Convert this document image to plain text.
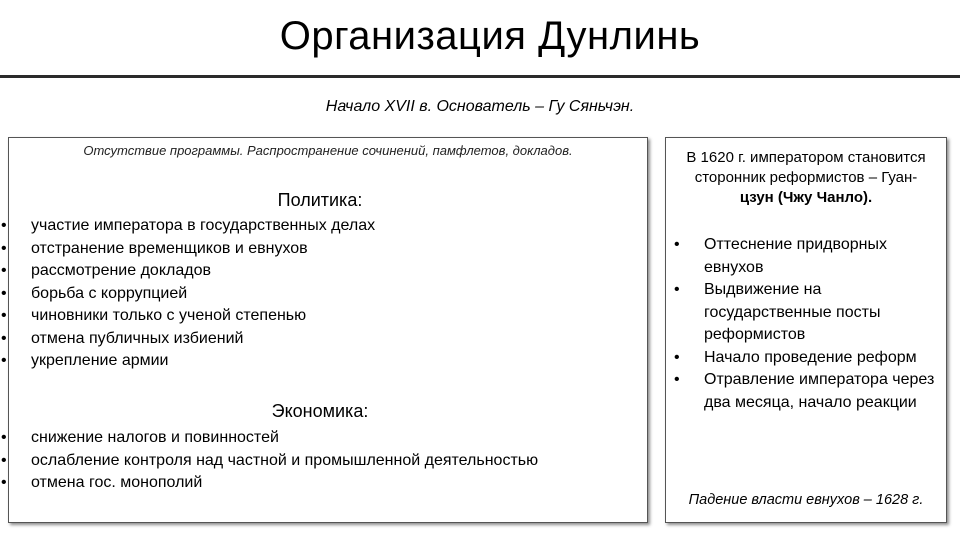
Организация Дунлинь
Начало XVII в. Основатель – Гу Сяньчэн.
Отсутствие программы. Распространение сочинений, памфлетов, докладов.
Политика:
• участие императора в государственных делах
• отстранение временщиков и евнухов
• рассмотрение докладов
• борьба с коррупцией
• чиновники только с ученой степенью
• отмена публичных избиений
• укрепление армии
Экономика:
• снижение налогов и повинностей
• ослабление контроля над частной и промышленной деятельностью
• отмена гос. монополий
В 1620 г. императором становится
сторонник реформистов – Гуан-
цзун (Чжу Чанло).
• Оттеснение придворных евнухов
• Выдвижение на государственные посты реформистов
• Начало проведение реформ
• Отравление императора через два месяца, начало реакции
Падение власти евнухов – 1628 г.
